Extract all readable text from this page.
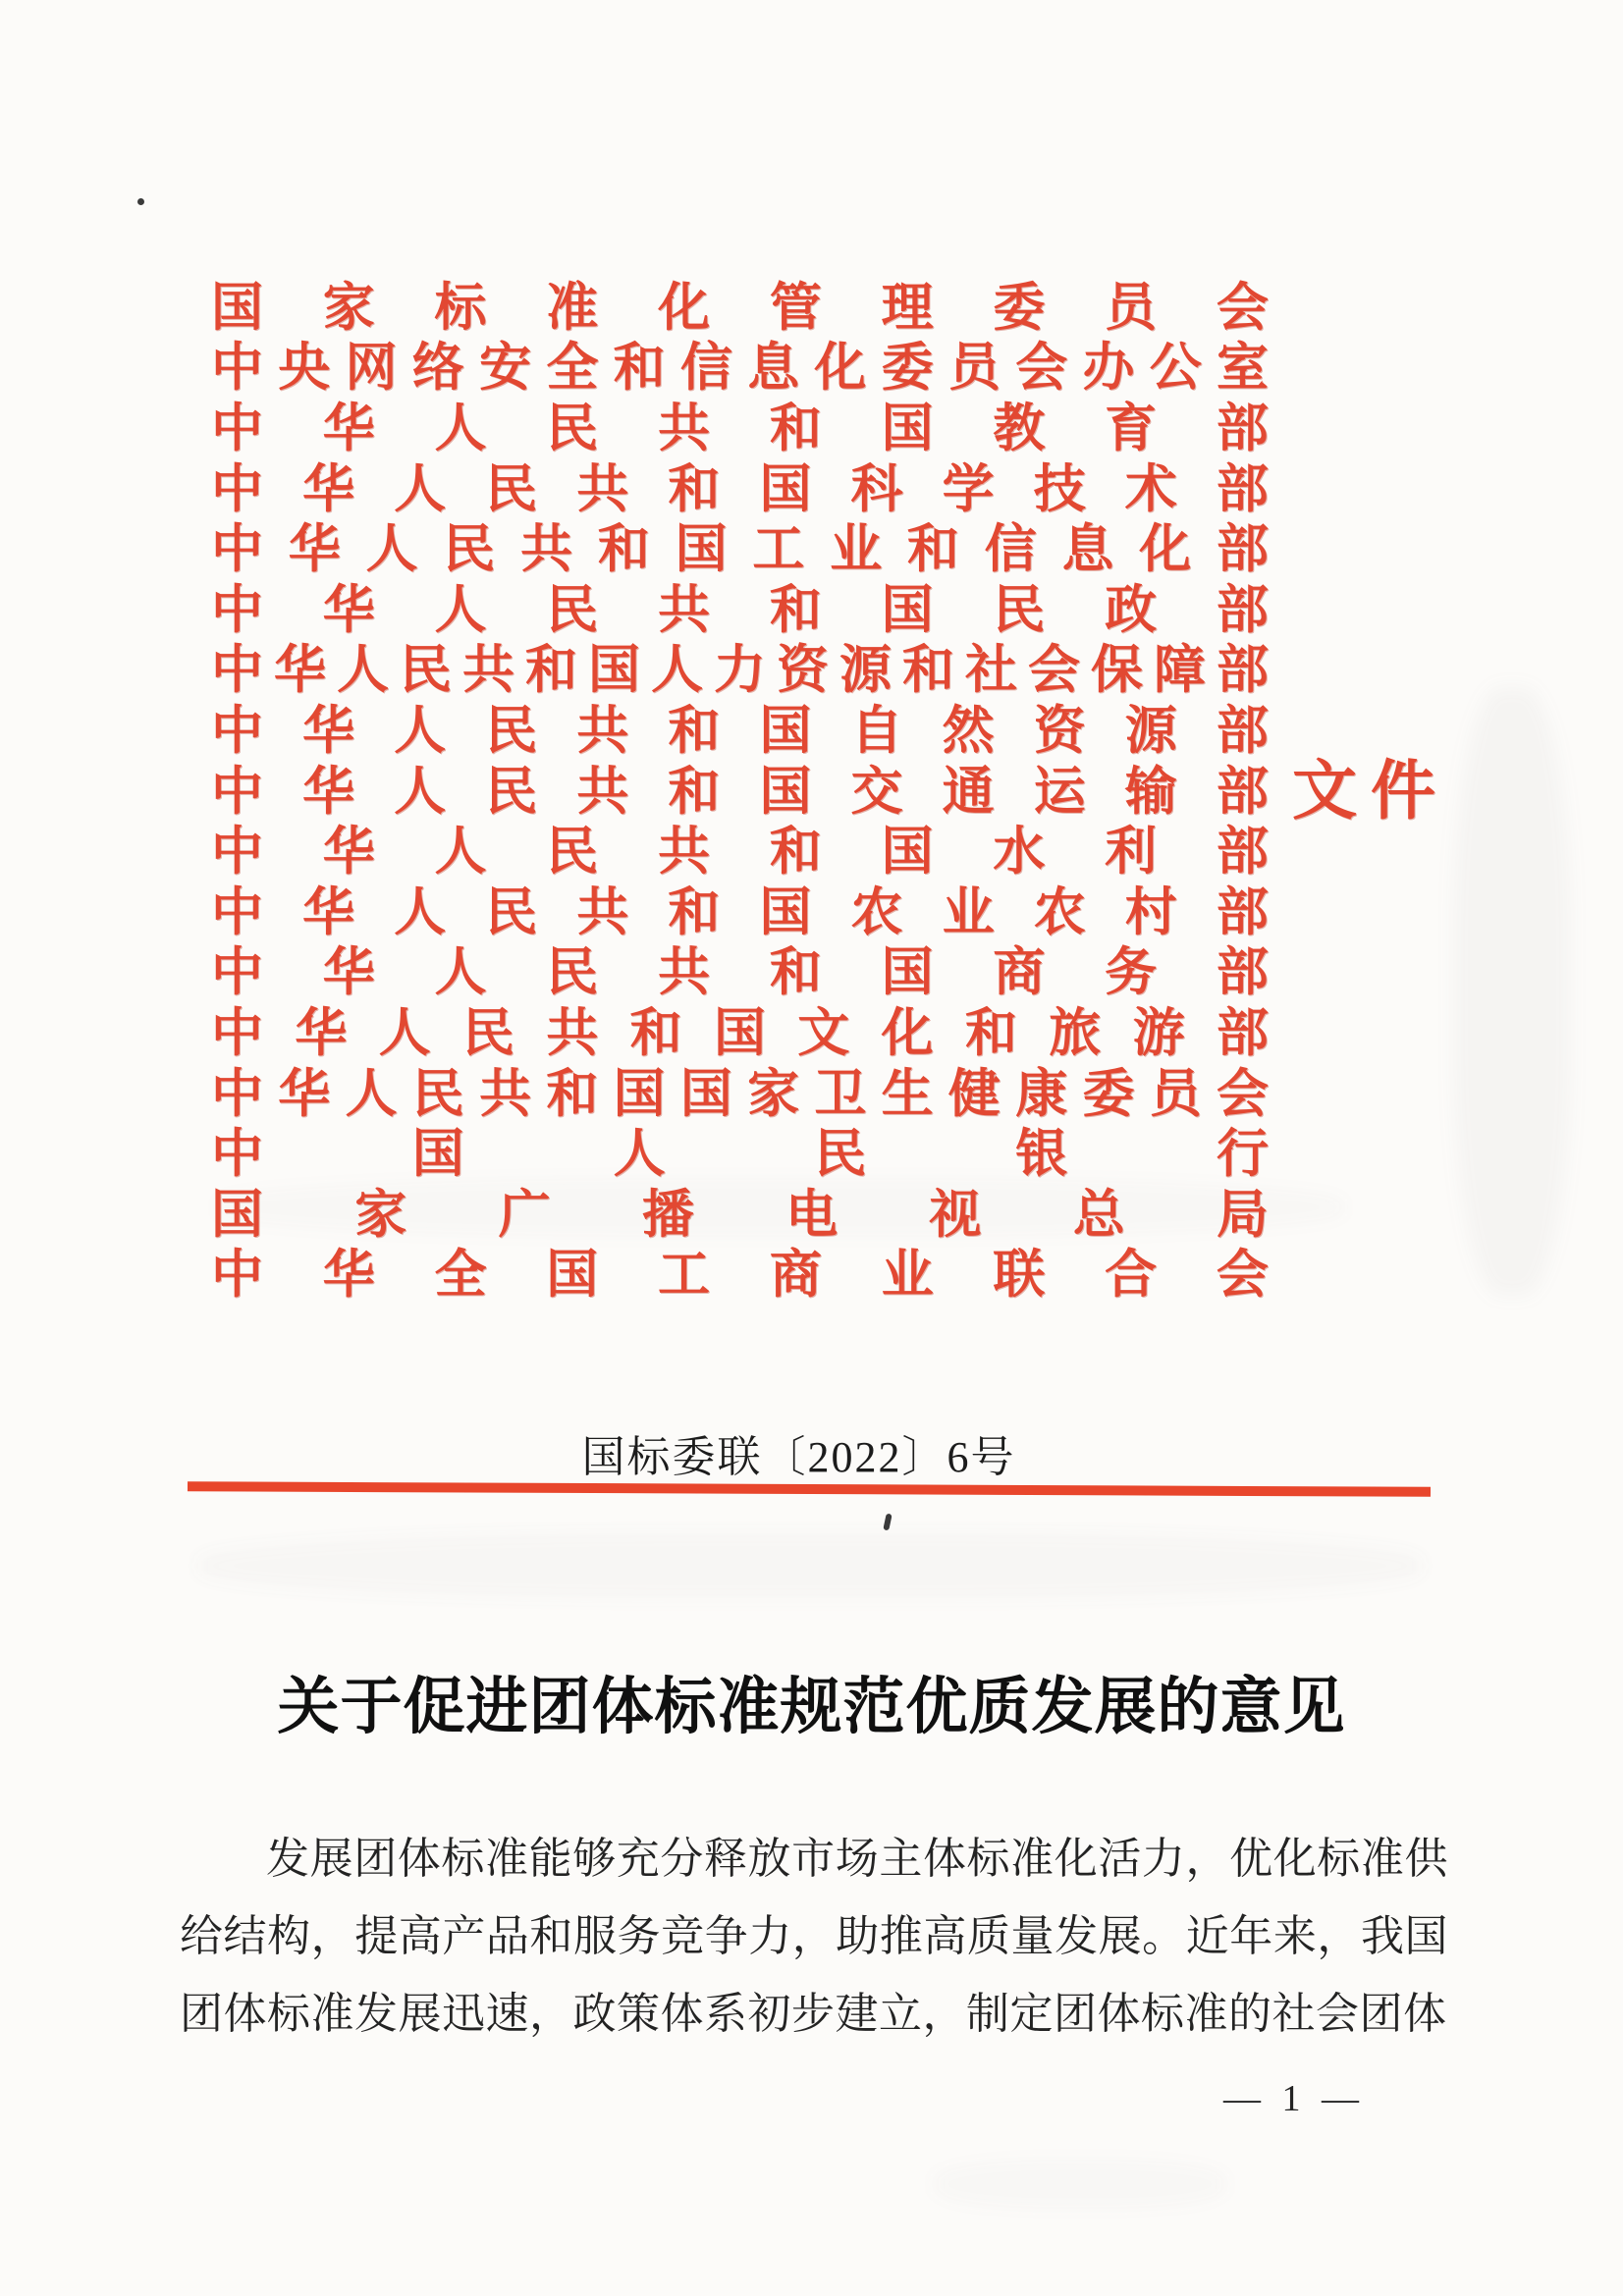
国 家 标 准 化 管 理 委 员 会
中 央 网 络 安 全 和 信 息 化 委 员 会 办 公 室
中 华 人 民 共 和 国 教 育 部
中 华 人 民 共 和 国 科 学 技 术 部
中 华 人 民 共 和 国 工 业 和 信 息 化 部
中 华 人 民 共 和 国 民 政 部
中 华 人 民 共 和 国 人 力 资 源 和 社 会 保 障 部
中 华 人 民 共 和 国 自 然 资 源 部
中 华 人 民 共 和 国 交 通 运 输 部
中 华 人 民 共 和 国 水 利 部
中 华 人 民 共 和 国 农 业 农 村 部
中 华 人 民 共 和 国 商 务 部
中 华 人 民 共 和 国 文 化 和 旅 游 部
中 华 人 民 共 和 国 国 家 卫 生 健 康 委 员 会
中	国	人	民	银	行
国 家 广 播 电 视 总 局
中 华 全 国 工 商 业 联 合 会
文件
国标委联〔2022〕6号
关于促进团体标准规范优质发展的意见

发展团体标准能够充分释放市场主体标准化活力，优化标准供给结构，提高产品和服务竞争力，助推高质量发展。近年来，我国团体标准发展迅速，政策体系初步建立，制定团体标准的社会团体

— 1 —
